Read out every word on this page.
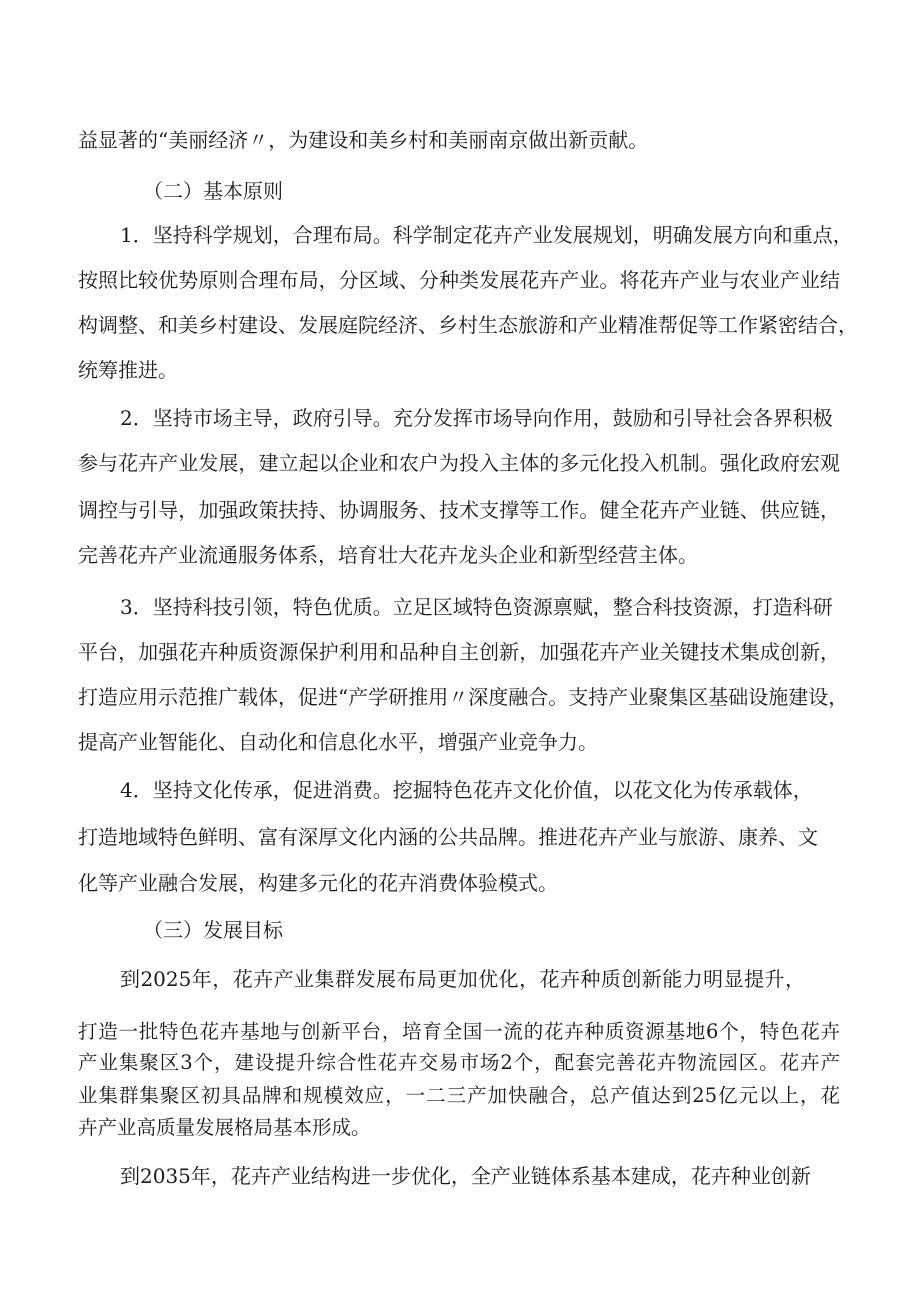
益显著的“美丽经济〃，为建设和美乡村和美丽南京做出新贡献。
（二）基本原则
1．坚持科学规划，合理布局。科学制定花卉产业发展规划，明确发展方向和重点，
按照比较优势原则合理布局，分区域、分种类发展花卉产业。将花卉产业与农业产业结
构调整、和美乡村建设、发展庭院经济、乡村生态旅游和产业精准帮促等工作紧密结合，
统筹推进。
2．坚持市场主导，政府引导。充分发挥市场导向作用，鼓励和引导社会各界积极
参与花卉产业发展，建立起以企业和农户为投入主体的多元化投入机制。强化政府宏观
调控与引导，加强政策扶持、协调服务、技术支撑等工作。健全花卉产业链、供应链，
完善花卉产业流通服务体系，培育壮大花卉龙头企业和新型经营主体。
3．坚持科技引领，特色优质。立足区域特色资源禀赋，整合科技资源，打造科研
平台，加强花卉种质资源保护利用和品种自主创新，加强花卉产业关键技术集成创新，
打造应用示范推广载体，促进“产学研推用〃深度融合。支持产业聚集区基础设施建设，
提高产业智能化、自动化和信息化水平，增强产业竞争力。
4．坚持文化传承，促进消费。挖掘特色花卉文化价值，以花文化为传承载体，
打造地域特色鲜明、富有深厚文化内涵的公共品牌。推进花卉产业与旅游、康养、文
化等产业融合发展，构建多元化的花卉消费体验模式。
（三）发展目标
到2025年，花卉产业集群发展布局更加优化，花卉种质创新能力明显提升，
打造一批特色花卉基地与创新平台，培育全国一流的花卉种质资源基地6个，特色花卉
产业集聚区3个，建设提升综合性花卉交易市场2个，配套完善花卉物流园区。花卉产
业集群集聚区初具品牌和规模效应，一二三产加快融合，总产值达到25亿元以上，花
卉产业高质量发展格局基本形成。
到2035年，花卉产业结构进一步优化，全产业链体系基本建成，花卉种业创新
